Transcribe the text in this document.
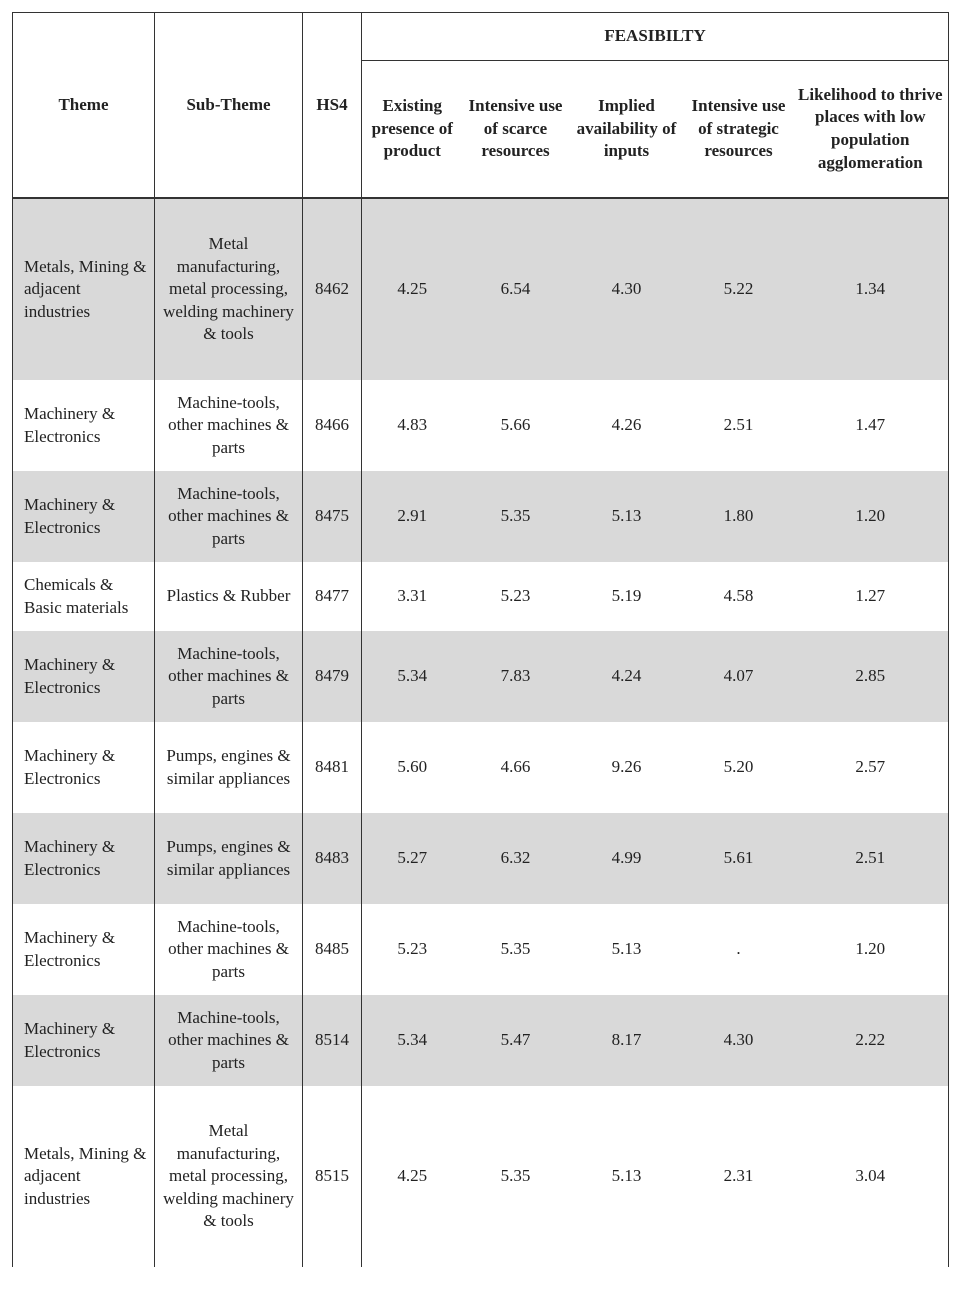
Theme	Sub-Theme	HS4	FEASIBILTY				
			Existing presence of product	Intensive use of scarce resources	Implied availability of inputs	Intensive use of strategic resources	Likelihood to thrive places with low population agglomeration
Metals, Mining & adjacent industries	Metal manufacturing, metal processing, welding machinery & tools	8462	4.25	6.54	4.30	5.22	1.34
Machinery & Electronics	Machine-tools, other machines & parts	8466	4.83	5.66	4.26	2.51	1.47
Machinery & Electronics	Machine-tools, other machines & parts	8475	2.91	5.35	5.13	1.80	1.20
Chemicals & Basic materials	Plastics & Rubber	8477	3.31	5.23	5.19	4.58	1.27
Machinery & Electronics	Machine-tools, other machines & parts	8479	5.34	7.83	4.24	4.07	2.85
Machinery & Electronics	Pumps, engines & similar appliances	8481	5.60	4.66	9.26	5.20	2.57
Machinery & Electronics	Pumps, engines & similar appliances	8483	5.27	6.32	4.99	5.61	2.51
Machinery & Electronics	Machine-tools, other machines & parts	8485	5.23	5.35	5.13	.	1.20
Machinery & Electronics	Machine-tools, other machines & parts	8514	5.34	5.47	8.17	4.30	2.22
Metals, Mining & adjacent industries	Metal manufacturing, metal processing, welding machinery & tools	8515	4.25	5.35	5.13	2.31	3.04
